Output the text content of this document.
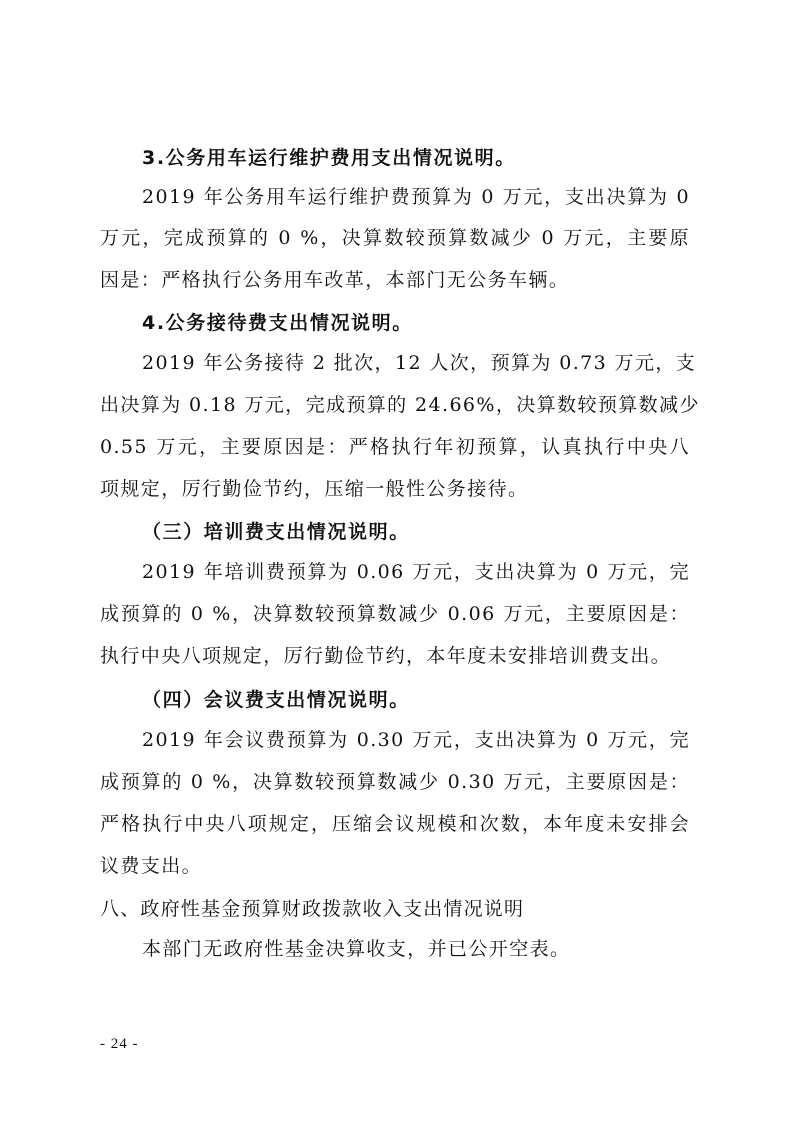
3.公务用车运行维护费用支出情况说明。

2019 年公务用车运行维护费预算为 0 万元，支出决算为 0

万元，完成预算的 0 %，决算数较预算数减少 0 万元，主要原

因是：严格执行公务用车改革，本部门无公务车辆。

4.公务接待费支出情况说明。

2019 年公务接待 2 批次，12 人次，预算为 0.73 万元，支

出决算为 0.18 万元，完成预算的 24.66%，决算数较预算数减少

0.55 万元，主要原因是：严格执行年初预算，认真执行中央八

项规定，厉行勤俭节约，压缩一般性公务接待。

（三）培训费支出情况说明。

2019 年培训费预算为 0.06 万元，支出决算为 0 万元，完

成预算的 0 %，决算数较预算数减少 0.06 万元，主要原因是：

执行中央八项规定，厉行勤俭节约，本年度未安排培训费支出。

（四）会议费支出情况说明。

2019 年会议费预算为 0.30 万元，支出决算为 0 万元，完

成预算的 0 %，决算数较预算数减少 0.30 万元，主要原因是：

严格执行中央八项规定，压缩会议规模和次数，本年度未安排会

议费支出。

八、政府性基金预算财政拨款收入支出情况说明

本部门无政府性基金决算收支，并已公开空表。

- 24 -
